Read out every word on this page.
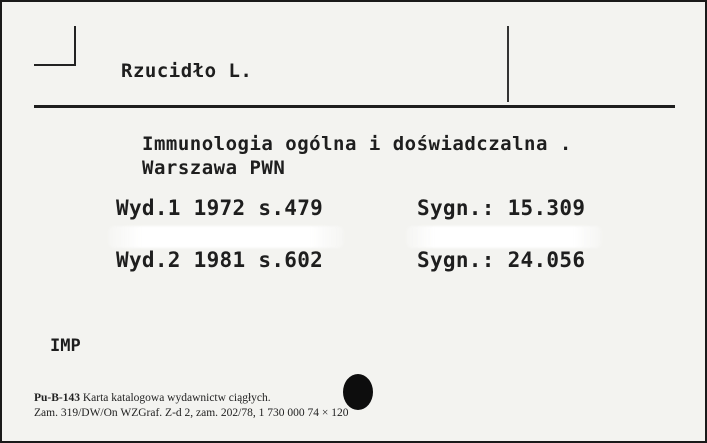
Rzucidło L.
Immunologia ogólna i doświadczalna .
Warszawa PWN
Wyd.1 1972 s.479	Sygn.: 15.309
Wyd.2 1981 s.602	Sygn.: 24.056
IMP
Pu-B-143 Karta katalogowa wydawnictw ciągłych.
Zam. 319/DW/On WZGraf. Z-d 2, zam. 202/78, 1 730 000 74 × 120
